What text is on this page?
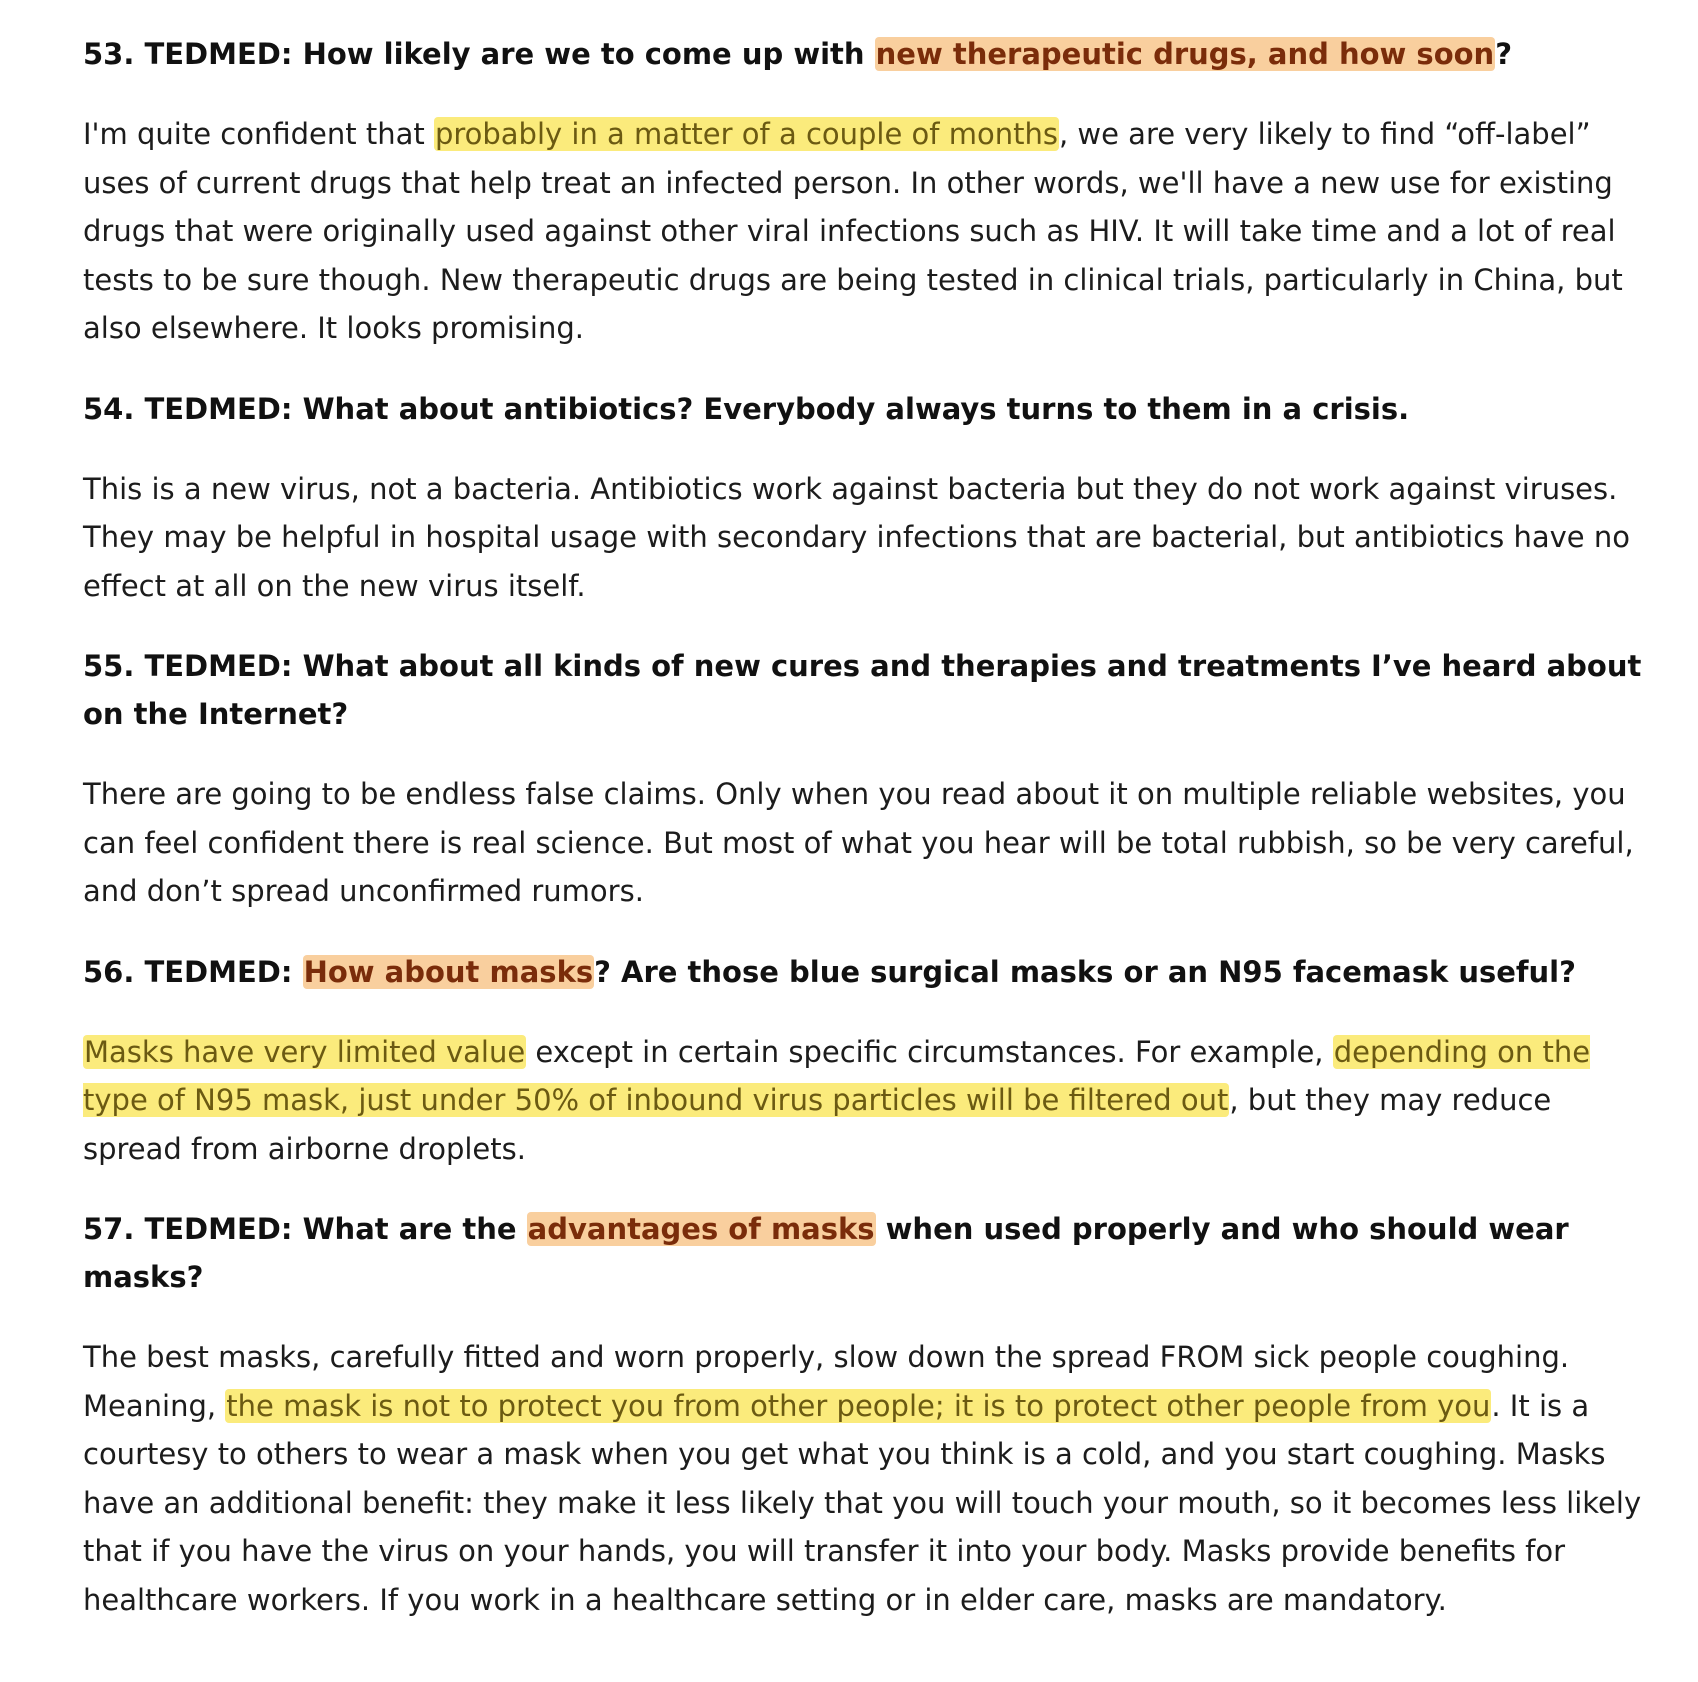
53. TEDMED: How likely are we to come up with new therapeutic drugs, and how soon?

I'm quite confident that probably in a matter of a couple of months, we are very likely to find “off-label” uses of current drugs that help treat an infected person. In other words, we'll have a new use for existing drugs that were originally used against other viral infections such as HIV. It will take time and a lot of real tests to be sure though. New therapeutic drugs are being tested in clinical trials, particularly in China, but also elsewhere. It looks promising.

54. TEDMED: What about antibiotics? Everybody always turns to them in a crisis.

This is a new virus, not a bacteria. Antibiotics work against bacteria but they do not work against viruses. They may be helpful in hospital usage with secondary infections that are bacterial, but antibiotics have no effect at all on the new virus itself.

55. TEDMED: What about all kinds of new cures and therapies and treatments I’ve heard about on the Internet?

There are going to be endless false claims. Only when you read about it on multiple reliable websites, you can feel confident there is real science. But most of what you hear will be total rubbish, so be very careful, and don’t spread unconfirmed rumors.

56. TEDMED: How about masks? Are those blue surgical masks or an N95 facemask useful?

Masks have very limited value except in certain specific circumstances. For example, depending on the type of N95 mask, just under 50% of inbound virus particles will be filtered out, but they may reduce spread from airborne droplets.

57. TEDMED: What are the advantages of masks when used properly and who should wear masks?

The best masks, carefully fitted and worn properly, slow down the spread FROM sick people coughing. Meaning, the mask is not to protect you from other people; it is to protect other people from you. It is a courtesy to others to wear a mask when you get what you think is a cold, and you start coughing. Masks have an additional benefit: they make it less likely that you will touch your mouth, so it becomes less likely that if you have the virus on your hands, you will transfer it into your body. Masks provide benefits for healthcare workers. If you work in a healthcare setting or in elder care, masks are mandatory.
